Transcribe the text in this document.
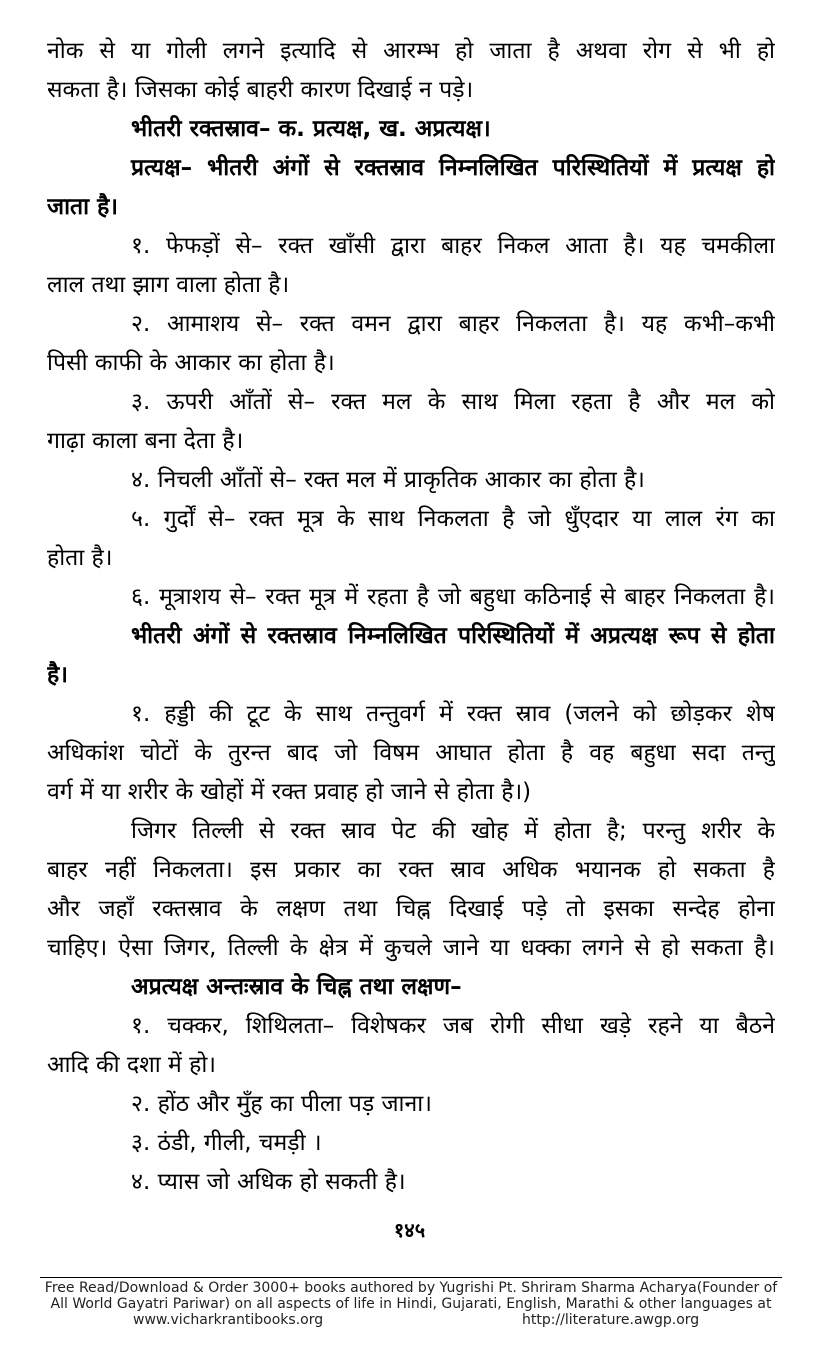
नोक से या गोली लगने इत्यादि से आरम्भ हो जाता है अथवा रोग से भी हो
सकता है। जिसका कोई बाहरी कारण दिखाई न पड़े।
भीतरी रक्तस्राव– क. प्रत्यक्ष, ख. अप्रत्यक्ष।
प्रत्यक्ष– भीतरी अंगों से रक्तस्राव निम्नलिखित परिस्थितियों में प्रत्यक्ष हो
जाता है।
१. फेफड़ों से– रक्त खाँसी द्वारा बाहर निकल आता है। यह चमकीला
लाल तथा झाग वाला होता है।
२. आमाशय से– रक्त वमन द्वारा बाहर निकलता है। यह कभी–कभी
पिसी काफी के आकार का होता है।
३. ऊपरी आँतों से– रक्त मल के साथ मिला रहता है और मल को
गाढ़ा काला बना देता है।
४. निचली आँतों से– रक्त मल में प्राकृतिक आकार का होता है।
५. गुर्दों से– रक्त मूत्र के साथ निकलता है जो धुँएदार या लाल रंग का
होता है।
६. मूत्राशय से– रक्त मूत्र में रहता है जो बहुधा कठिनाई से बाहर निकलता है।
भीतरी अंगों से रक्तस्राव निम्नलिखित परिस्थितियों में अप्रत्यक्ष रूप से होता
है।
१. हड्डी की टूट के साथ तन्तुवर्ग में रक्त स्राव (जलने को छोड़कर शेष
अधिकांश चोटों के तुरन्त बाद जो विषम आघात होता है वह बहुधा सदा तन्तु
वर्ग में या शरीर के खोहों में रक्त प्रवाह हो जाने से होता है।)
जिगर तिल्ली से रक्त स्राव पेट की खोह में होता है; परन्तु शरीर के
बाहर नहीं निकलता। इस प्रकार का रक्त स्राव अधिक भयानक हो सकता है
और जहाँ रक्तस्राव के लक्षण तथा चिह्न दिखाई पड़े तो इसका सन्देह होना
चाहिए। ऐसा जिगर, तिल्ली के क्षेत्र में कुचले जाने या धक्का लगने से हो सकता है।
अप्रत्यक्ष अन्तःस्राव के चिह्न तथा लक्षण–
१. चक्कर, शिथिलता– विशेषकर जब रोगी सीधा खड़े रहने या बैठने
आदि की दशा में हो।
२. होंठ और मुँह का पीला पड़ जाना।
३. ठंडी, गीली, चमड़ी ।
४. प्यास जो अधिक हो सकती है।
१४५
Free Read/Download & Order 3000+ books authored by Yugrishi Pt. Shriram Sharma Acharya(Founder of
All World Gayatri Pariwar) on all aspects of life in Hindi, Gujarati, English, Marathi & other languages at
www.vicharkrantibooks.org	http://literature.awgp.org
